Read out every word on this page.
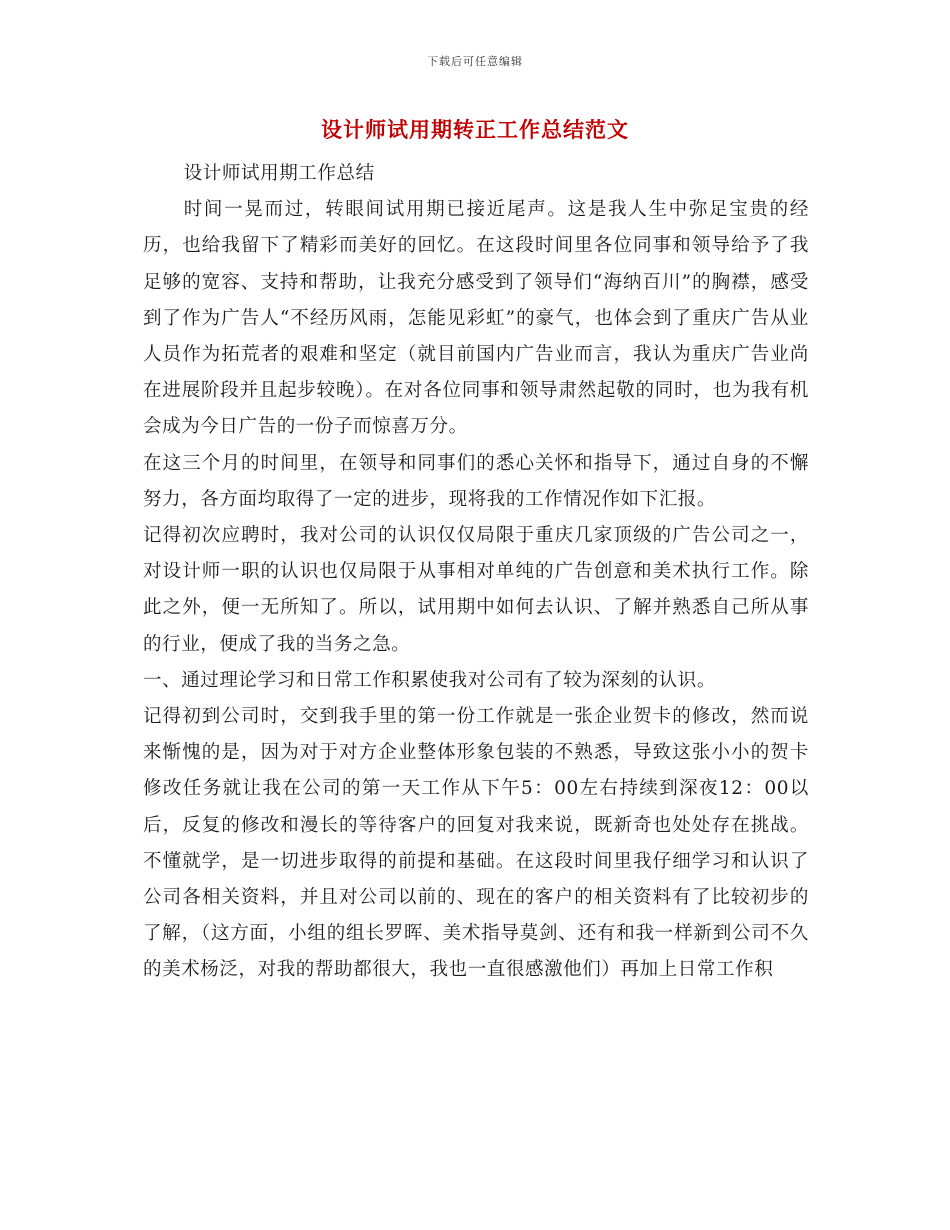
下载后可任意编辑
设计师试用期转正工作总结范文

设计师试用期工作总结

时间一晃而过，转眼间试用期已接近尾声。这是我人生中弥足宝贵的经历，也给我留下了精彩而美好的回忆。在这段时间里各位同事和领导给予了我足够的宽容、支持和帮助，让我充分感受到了领导们“海纳百川”的胸襟，感受到了作为广告人“不经历风雨，怎能见彩虹”的豪气，也体会到了重庆广告从业人员作为拓荒者的艰难和坚定（就目前国内广告业而言，我认为重庆广告业尚在进展阶段并且起步较晚）。在对各位同事和领导肃然起敬的同时，也为我有机会成为今日广告的一份子而惊喜万分。

在这三个月的时间里，在领导和同事们的悉心关怀和指导下，通过自身的不懈努力，各方面均取得了一定的进步，现将我的工作情况作如下汇报。

记得初次应聘时，我对公司的认识仅仅局限于重庆几家顶级的广告公司之一，对设计师一职的认识也仅局限于从事相对单纯的广告创意和美术执行工作。除此之外，便一无所知了。所以，试用期中如何去认识、了解并熟悉自己所从事的行业，便成了我的当务之急。

一、通过理论学习和日常工作积累使我对公司有了较为深刻的认识。

记得初到公司时，交到我手里的第一份工作就是一张企业贺卡的修改，然而说来惭愧的是，因为对于对方企业整体形象包装的不熟悉，导致这张小小的贺卡修改任务就让我在公司的第一天工作从下午5：00左右持续到深夜12：00以后，反复的修改和漫长的等待客户的回复对我来说，既新奇也处处存在挑战。不懂就学，是一切进步取得的前提和基础。在这段时间里我仔细学习和认识了公司各相关资料，并且对公司以前的、现在的客户的相关资料有了比较初步的了解，（这方面，小组的组长罗晖、美术指导莫剑、还有和我一样新到公司不久的美术杨泛，对我的帮助都很大，我也一直很感激他们）再加上日常工作积
